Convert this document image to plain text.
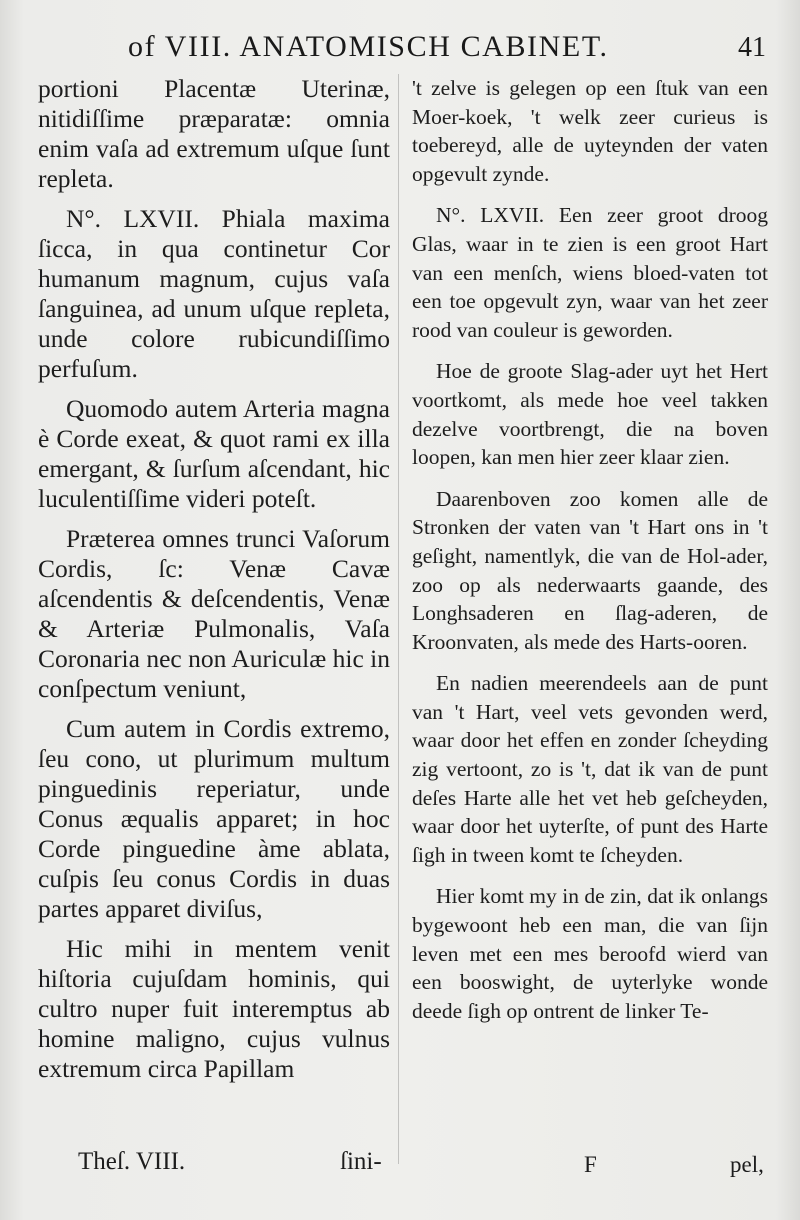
of VIII. ANATOMISCH CABINET.	41

portioni Placentæ Uterinæ, nitidiſſime præparatæ: omnia enim vaſa ad extremum uſque ſunt repleta.

N°. LXVII. Phiala maxima ſicca, in qua continetur Cor humanum magnum, cujus vaſa ſanguinea, ad unum uſque repleta, unde colore rubicundiſſimo perfuſum.

Quomodo autem Arteria magna è Corde exeat, & quot rami ex illa emergant, & ſurſum aſcendant, hic luculentiſſime videri poteſt.

Præterea omnes trunci Vaſorum Cordis, ſc: Venæ Cavæ aſcendentis & deſcendentis, Venæ & Arteriæ Pulmonalis, Vaſa Coronaria nec non Auriculæ hic in conſpectum veniunt,

Cum autem in Cordis extremo, ſeu cono, ut plurimum multum pinguedinis reperiatur, unde Conus æqualis apparet; in hoc Corde pinguedine àme ablata, cuſpis ſeu conus Cordis in duas partes apparet diviſus,

Hic mihi in mentem venit hiſtoria cujuſdam hominis, qui cultro nuper fuit interemptus ab homine maligno, cujus vulnus extremum circa Papillam

't zelve is gelegen op een ſtuk van een Moer-koek, 't welk zeer curieus is toebereyd, alle de uyteynden der vaten opgevult zynde.

N°. LXVII. Een zeer groot droog Glas, waar in te zien is een groot Hart van een menſch, wiens bloed-vaten tot een toe opgevult zyn, waar van het zeer rood van couleur is geworden.

Hoe de groote Slag-ader uyt het Hert voortkomt, als mede hoe veel takken dezelve voortbrengt, die na boven loopen, kan men hier zeer klaar zien.

Daarenboven zoo komen alle de Stronken der vaten van 't Hart ons in 't geſight, namentlyk, die van de Hol-ader, zoo op als nederwaarts gaande, des Longhsaderen en ſlag-aderen, de Kroonvaten, als mede des Harts-ooren.

En nadien meerendeels aan de punt van 't Hart, veel vets gevonden werd, waar door het effen en zonder ſcheyding zig vertoont, zo is 't, dat ik van de punt deſes Harte alle het vet heb geſcheyden, waar door het uyterſte, of punt des Harte ſigh in tween komt te ſcheyden.

Hier komt my in de zin, dat ik onlangs bygewoont heb een man, die van ſijn leven met een mes beroofd wierd van een booswight, de uyterlyke wonde deede ſigh op ontrent de linker Te-

Theſ. VIII.	ſini-	F	pel,
